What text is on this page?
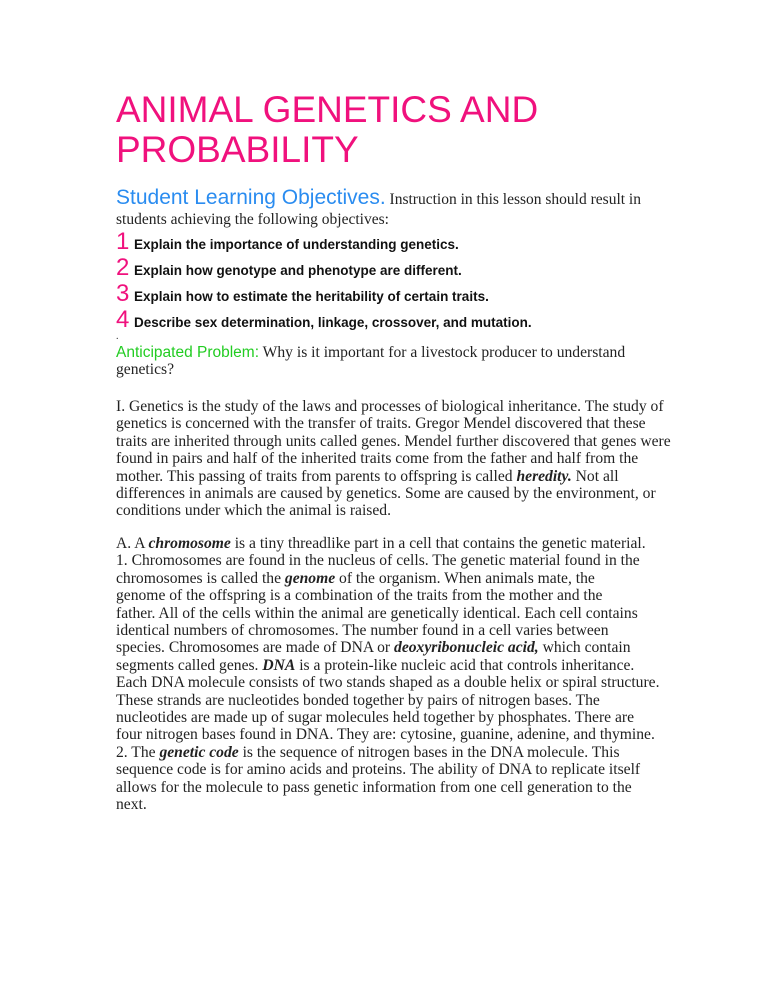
ANIMAL GENETICS AND
PROBABILITY
Student Learning Objectives. Instruction in this lesson should result in
students achieving the following objectives:
1 Explain the importance of understanding genetics.
2 Explain how genotype and phenotype are different.
3 Explain how to estimate the heritability of certain traits.
4 Describe sex determination, linkage, crossover, and mutation.
.
Anticipated Problem: Why is it important for a livestock producer to understand
genetics?
I. Genetics is the study of the laws and processes of biological inheritance. The study of
genetics is concerned with the transfer of traits. Gregor Mendel discovered that these
traits are inherited through units called genes. Mendel further discovered that genes were
found in pairs and half of the inherited traits come from the father and half from the
mother. This passing of traits from parents to offspring is called heredity. Not all
differences in animals are caused by genetics. Some are caused by the environment, or
conditions under which the animal is raised.
A. A chromosome is a tiny threadlike part in a cell that contains the genetic material.
1. Chromosomes are found in the nucleus of cells. The genetic material found in the
chromosomes is called the genome of the organism. When animals mate, the
genome of the offspring is a combination of the traits from the mother and the
father. All of the cells within the animal are genetically identical. Each cell contains
identical numbers of chromosomes. The number found in a cell varies between
species. Chromosomes are made of DNA or deoxyribonucleic acid, which contain
segments called genes. DNA is a protein-like nucleic acid that controls inheritance.
Each DNA molecule consists of two stands shaped as a double helix or spiral structure.
These strands are nucleotides bonded together by pairs of nitrogen bases. The
nucleotides are made up of sugar molecules held together by phosphates. There are
four nitrogen bases found in DNA. They are: cytosine, guanine, adenine, and thymine.
2. The genetic code is the sequence of nitrogen bases in the DNA molecule. This
sequence code is for amino acids and proteins. The ability of DNA to replicate itself
allows for the molecule to pass genetic information from one cell generation to the
next.
